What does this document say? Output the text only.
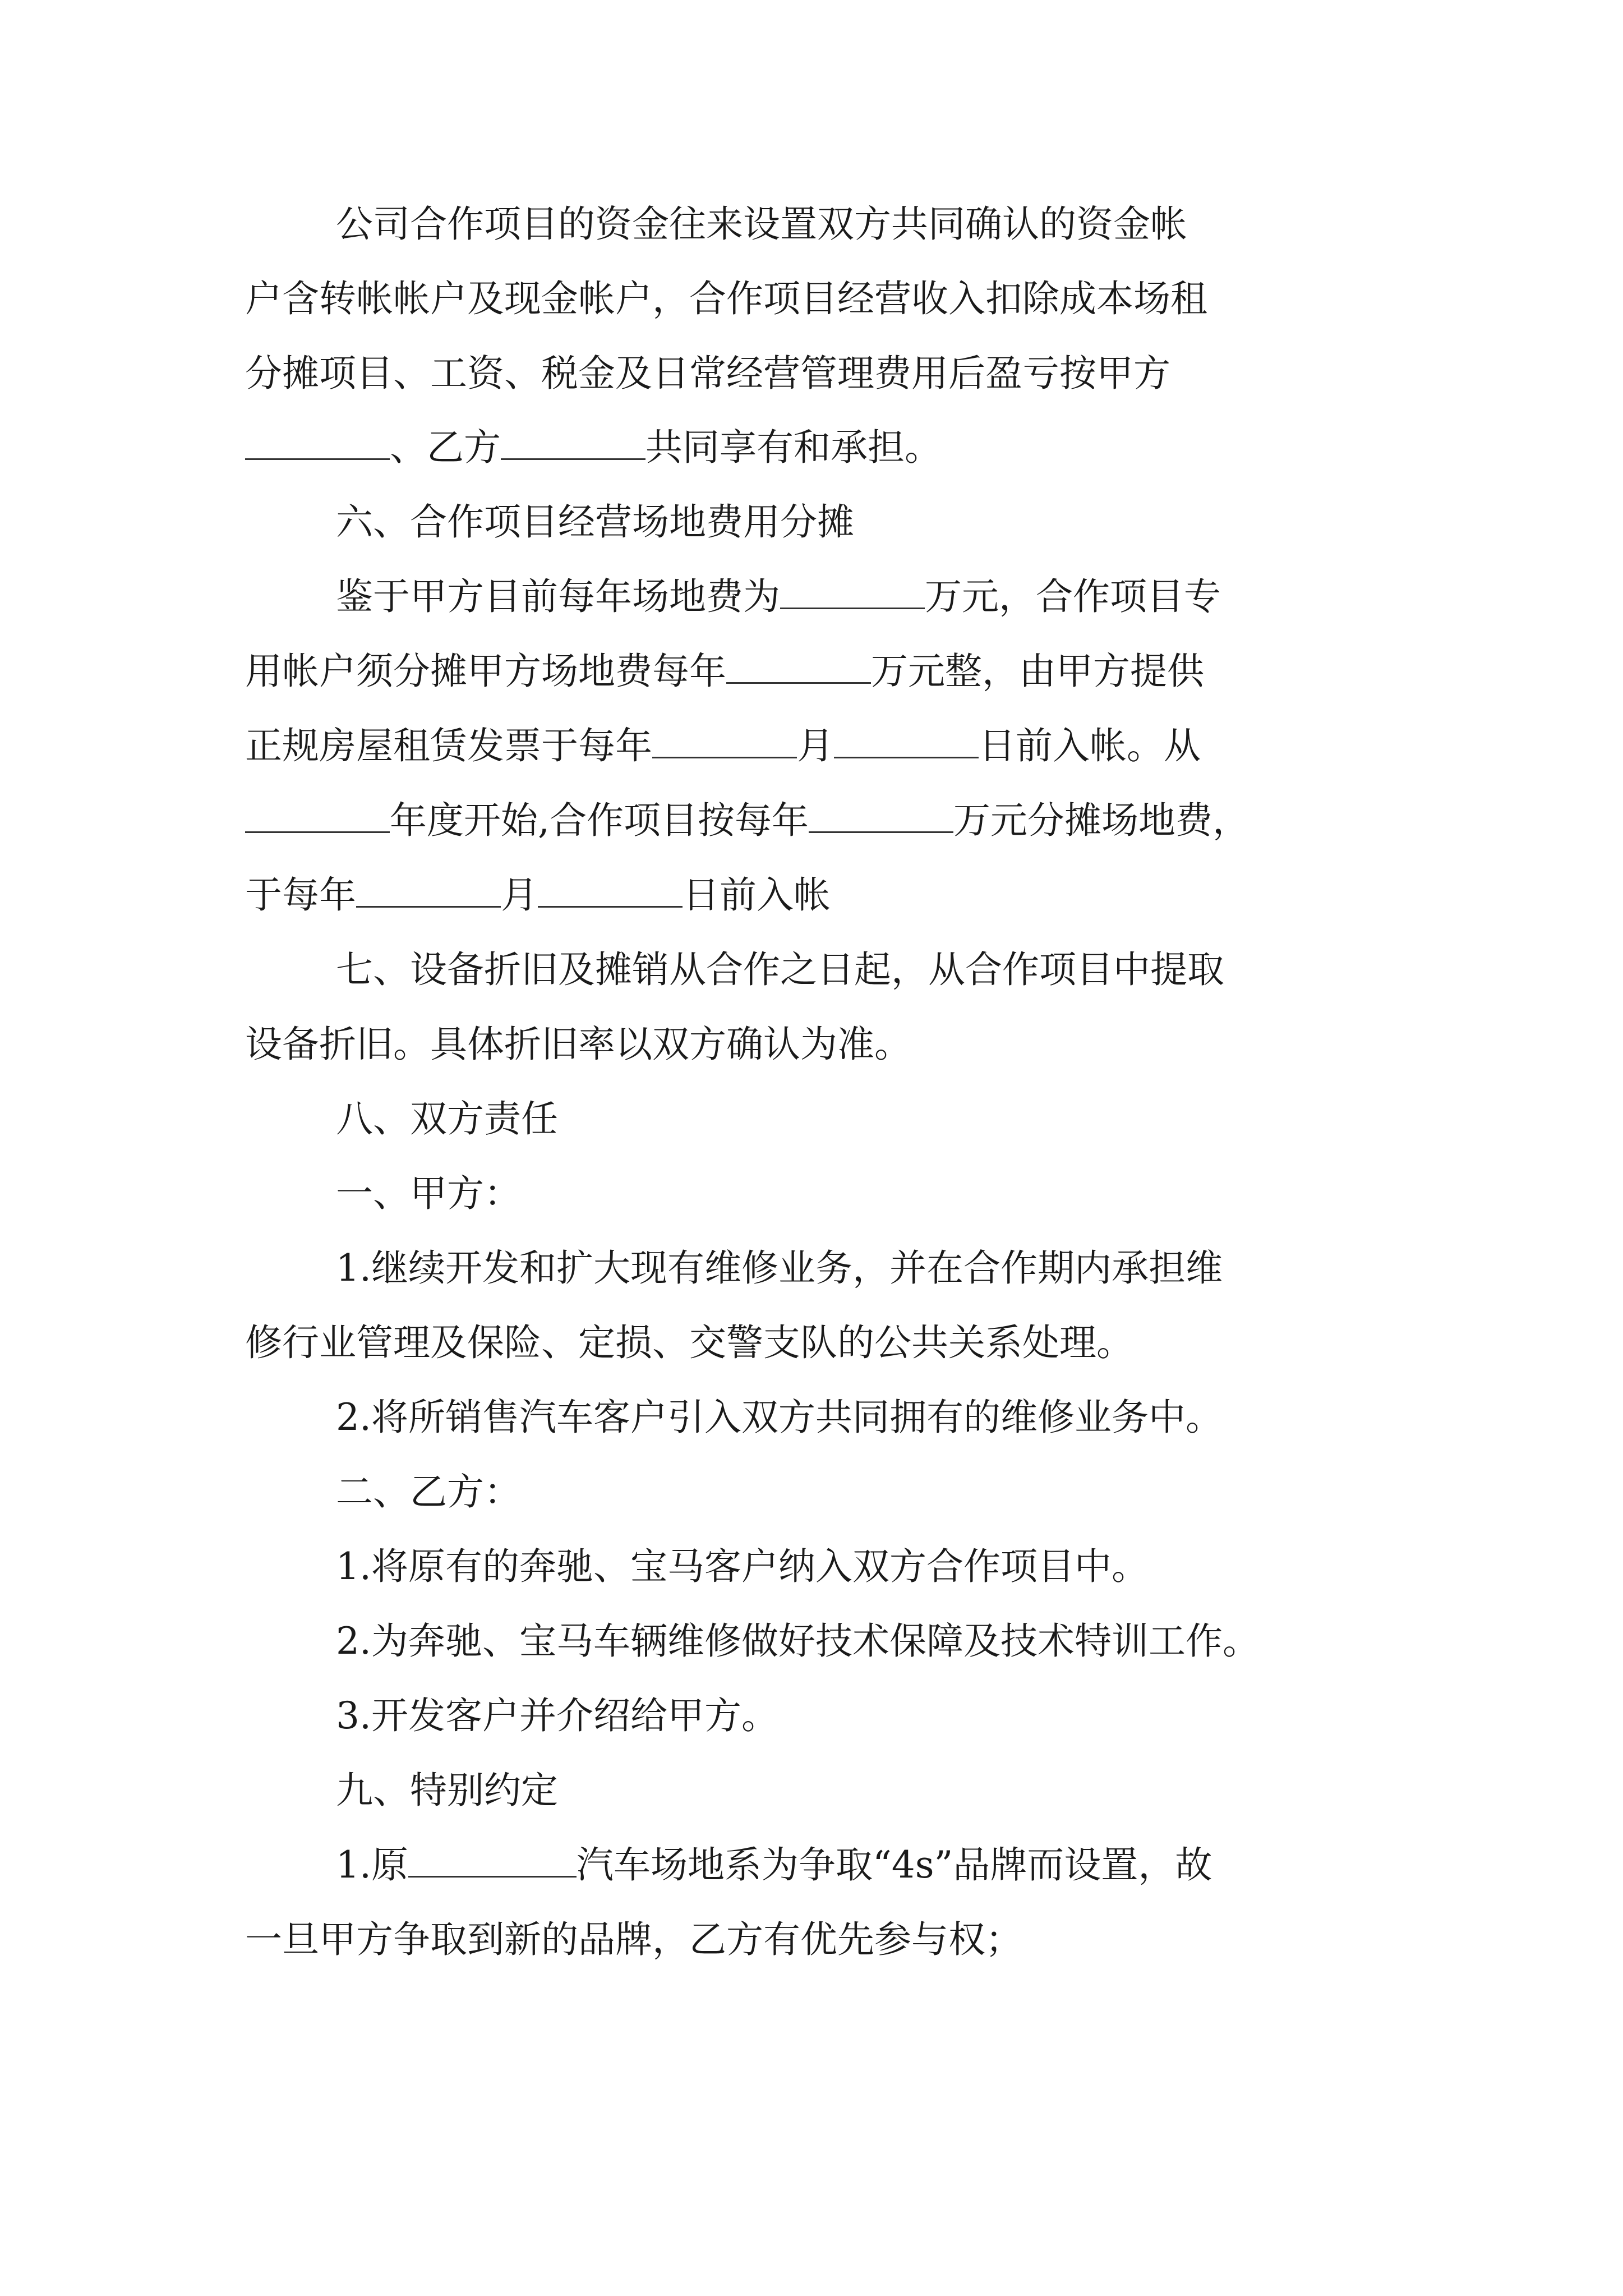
公司合作项目的资金往来设置双方共同确认的资金帐

户含转帐帐户及现金帐户，合作项目经营收入扣除成本场租

分摊项目、工资、税金及日常经营管理费用后盈亏按甲方

、乙方	共同享有和承担。

六、合作项目经营场地费用分摊

鉴于甲方目前每年场地费为	万元，合作项目专

用帐户须分摊甲方场地费每年	万元整，由甲方提供

正规房屋租赁发票于每年	月	日前入帐。从

年度开始,合作项目按每年	万元分摊场地费，

于每年	月	日前入帐

七、设备折旧及摊销从合作之日起，从合作项目中提取

设备折旧。具体折旧率以双方确认为准。

八、双方责任

一、甲方：

1.继续开发和扩大现有维修业务，并在合作期内承担维

修行业管理及保险、定损、交警支队的公共关系处理。

2.将所销售汽车客户引入双方共同拥有的维修业务中。

二、乙方：

1.将原有的奔驰、宝马客户纳入双方合作项目中。

2.为奔驰、宝马车辆维修做好技术保障及技术特训工作。

3.开发客户并介绍给甲方。

九、特别约定

1.原	汽车场地系为争取“4s”品牌而设置，故

一旦甲方争取到新的品牌，乙方有优先参与权；
